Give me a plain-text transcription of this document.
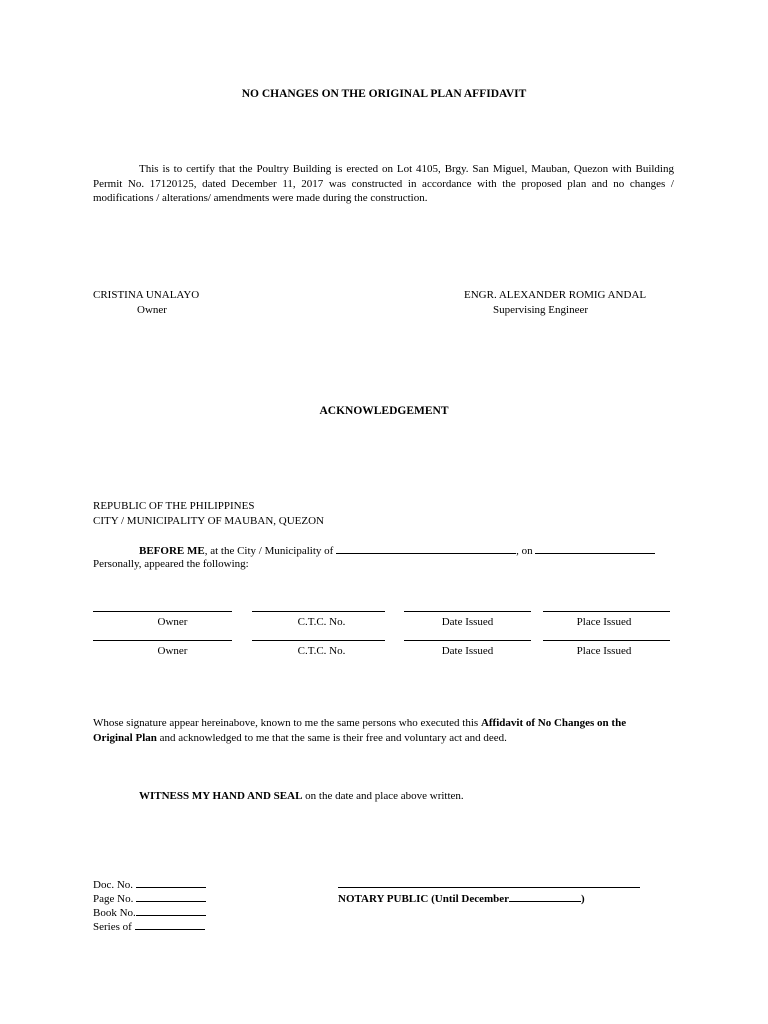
NO CHANGES ON THE ORIGINAL PLAN AFFIDAVIT
This is to certify that the Poultry Building is erected on Lot 4105, Brgy. San Miguel, Mauban, Quezon with Building Permit No. 17120125, dated December 11, 2017 was constructed in accordance with the proposed plan and no changes / modifications / alterations/ amendments were made during the construction.
CRISTINA UNALAYO
Owner
ENGR. ALEXANDER ROMIG ANDAL
Supervising Engineer
ACKNOWLEDGEMENT
REPUBLIC OF THE PHILIPPINES
CITY / MUNICIPALITY OF MAUBAN, QUEZON
BEFORE ME, at the City / Municipality of	, on
Personally, appeared the following:
Owner	C.T.C. No.	Date Issued	Place Issued
Owner	C.T.C. No.	Date Issued	Place Issued
Whose signature appear hereinabove, known to me the same persons who executed this Affidavit of No Changes on the Original Plan and acknowledged to me that the same is their free and voluntary act and deed.
WITNESS MY HAND AND SEAL on the date and place above written.
Doc. No.
Page No.
Book No.
Series of
NOTARY PUBLIC (Until December	)
